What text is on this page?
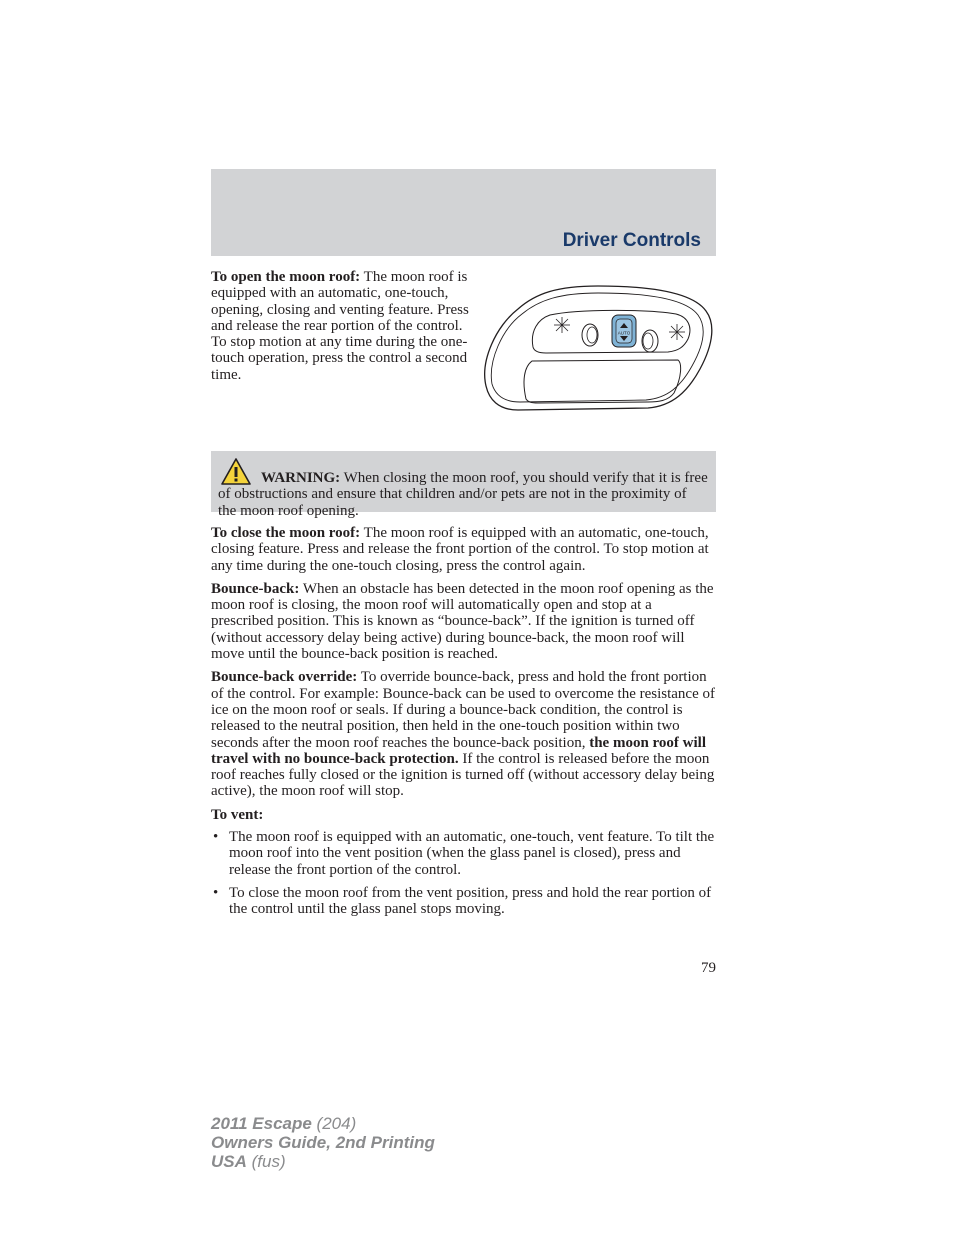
Driver Controls

To open the moon roof: The moon roof is equipped with an automatic, one-touch, opening, closing and venting feature. Press and release the rear portion of the control. To stop motion at any time during the one-touch operation, press the control a second time.

AUTO

WARNING: When closing the moon roof, you should verify that it is free of obstructions and ensure that children and/or pets are not in the proximity of the moon roof opening.

To close the moon roof: The moon roof is equipped with an automatic, one-touch, closing feature. Press and release the front portion of the control. To stop motion at any time during the one-touch closing, press the control again.

Bounce-back: When an obstacle has been detected in the moon roof opening as the moon roof is closing, the moon roof will automatically open and stop at a prescribed position. This is known as “bounce-back”. If the ignition is turned off (without accessory delay being active) during bounce-back, the moon roof will move until the bounce-back position is reached.

Bounce-back override: To override bounce-back, press and hold the front portion of the control. For example: Bounce-back can be used to overcome the resistance of ice on the moon roof or seals. If during a bounce-back condition, the control is released to the neutral position, then held in the one-touch position within two seconds after the moon roof reaches the bounce-back position, the moon roof will travel with no bounce-back protection. If the control is released before the moon roof reaches fully closed or the ignition is turned off (without accessory delay being active), the moon roof will stop.

To vent:

• The moon roof is equipped with an automatic, one-touch, vent feature. To tilt the moon roof into the vent position (when the glass panel is closed), press and release the front portion of the control.
• To close the moon roof from the vent position, press and hold the rear portion of the control until the glass panel stops moving.
79
2011 Escape (204)
Owners Guide, 2nd Printing
USA (fus)
